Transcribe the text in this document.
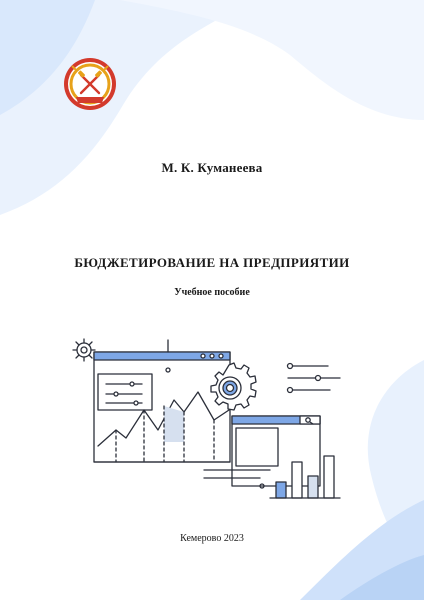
М. К. Куманеева
БЮДЖЕТИРОВАНИЕ НА ПРЕДПРИЯТИИ
Учебное пособие
Кемерово 2023
